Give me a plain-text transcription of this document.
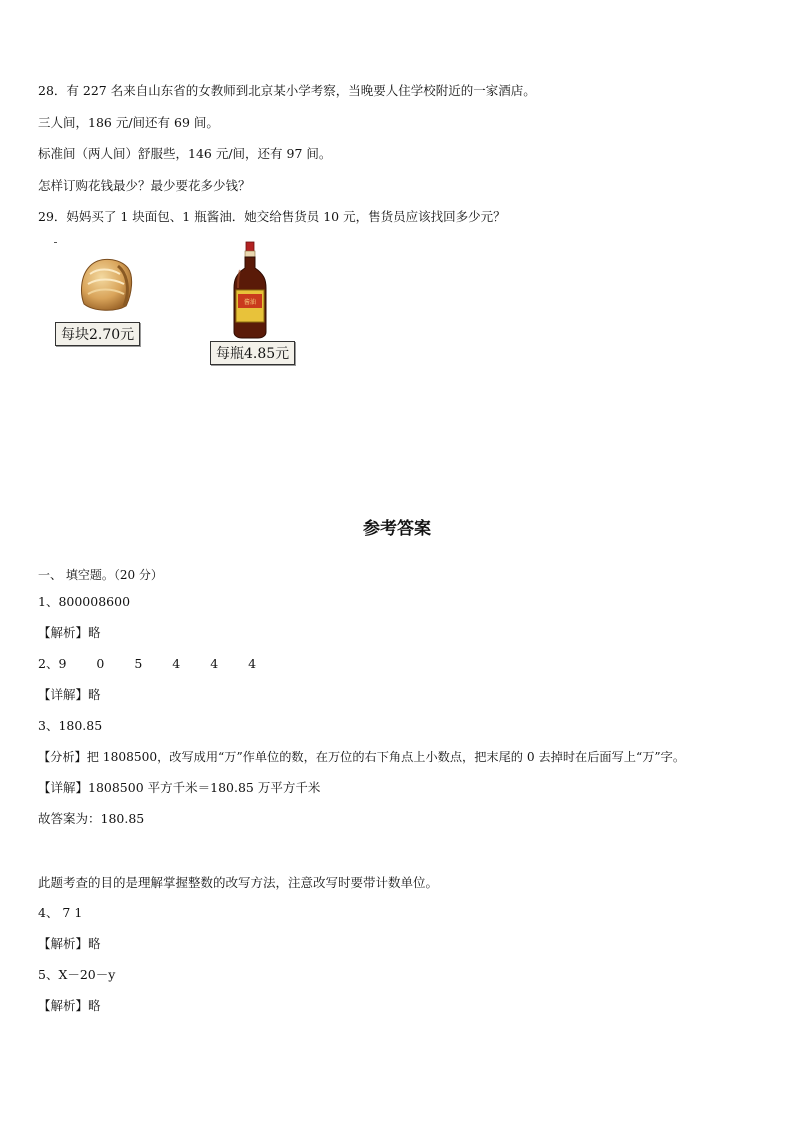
28．有 227 名来自山东省的女教师到北京某小学考察，当晚要人住学校附近的一家酒店。
三人间，186 元/间还有 69 间。
标准间（两人间）舒服些，146 元/间，还有 97 间。
怎样订购花钱最少？最少要花多少钱？
29．妈妈买了 1 块面包、1 瓶酱油．她交给售货员 10 元，售货员应该找回多少元？
每块2.70元
酱油
每瓶4.85元
参考答案
一、 填空题。（20 分）
1、800008600
【解析】略
2、9 0 5 4 4 4
【详解】略
3、180.85
【分析】把 1808500，改写成用“万”作单位的数，在万位的右下角点上小数点，把末尾的 0 去掉时在后面写上“万”字。
【详解】1808500 平方千米＝180.85 万平方千米
故答案为：180.85
此题考查的目的是理解掌握整数的改写方法，注意改写时要带计数单位。
4、 7 1
【解析】略
5、X－20－y
【解析】略
